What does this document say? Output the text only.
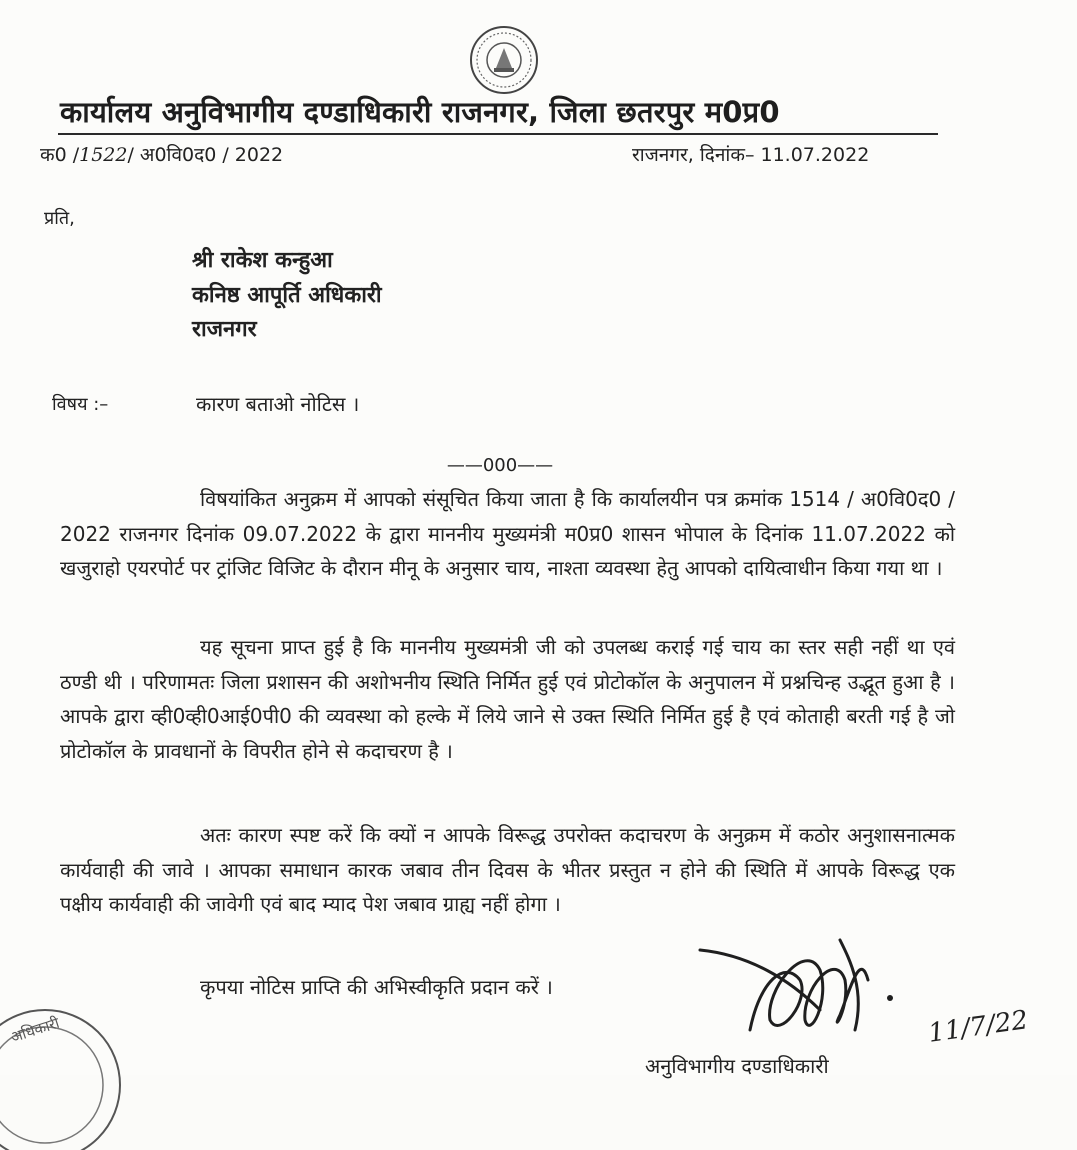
कार्यालय अनुविभागीय दण्डाधिकारी राजनगर, जिला छतरपुर म0प्र0
क0 /1522/ अ0वि0द0 / 2022	राजनगर, दिनांक– 11.07.2022
प्रति,
श्री राकेश कन्हुआ
कनिष्ठ आपूर्ति अधिकारी
राजनगर
विषय :–	कारण बताओ नोटिस ।
——000——
विषयांकित अनुक्रम में आपको संसूचित किया जाता है कि कार्यालयीन पत्र क्रमांक 1514 / अ0वि0द0 / 2022 राजनगर दिनांक 09.07.2022 के द्वारा माननीय मुख्यमंत्री म0प्र0 शासन भोपाल के दिनांक 11.07.2022 को खजुराहो एयरपोर्ट पर ट्रांजिट विजिट के दौरान मीनू के अनुसार चाय, नाश्ता व्यवस्था हेतु आपको दायित्वाधीन किया गया था ।
यह सूचना प्राप्त हुई है कि माननीय मुख्यमंत्री जी को उपलब्ध कराई गई चाय का स्तर सही नहीं था एवं ठण्डी थी । परिणामतः जिला प्रशासन की अशोभनीय स्थिति निर्मित हुई एवं प्रोटोकॉल के अनुपालन में प्रश्नचिन्ह उद्भूत हुआ है । आपके द्वारा व्ही0व्ही0आई0पी0 की व्यवस्था को हल्के में लिये जाने से उक्त स्थिति निर्मित हुई है एवं कोताही बरती गई है जो प्रोटोकॉल के प्रावधानों के विपरीत होने से कदाचरण है ।
अतः कारण स्पष्ट करें कि क्यों न आपके विरूद्ध उपरोक्त कदाचरण के अनुक्रम में कठोर अनुशासनात्मक कार्यवाही की जावे । आपका समाधान कारक जबाव तीन दिवस के भीतर प्रस्तुत न होने की स्थिति में आपके विरूद्ध एक पक्षीय कार्यवाही की जावेगी एवं बाद म्याद पेश जबाव ग्राह्य नहीं होगा ।
कृपया नोटिस प्राप्ति की अभिस्वीकृति प्रदान करें ।
अनुविभागीय दण्डाधिकारी
11/7/22
अधिकारी
